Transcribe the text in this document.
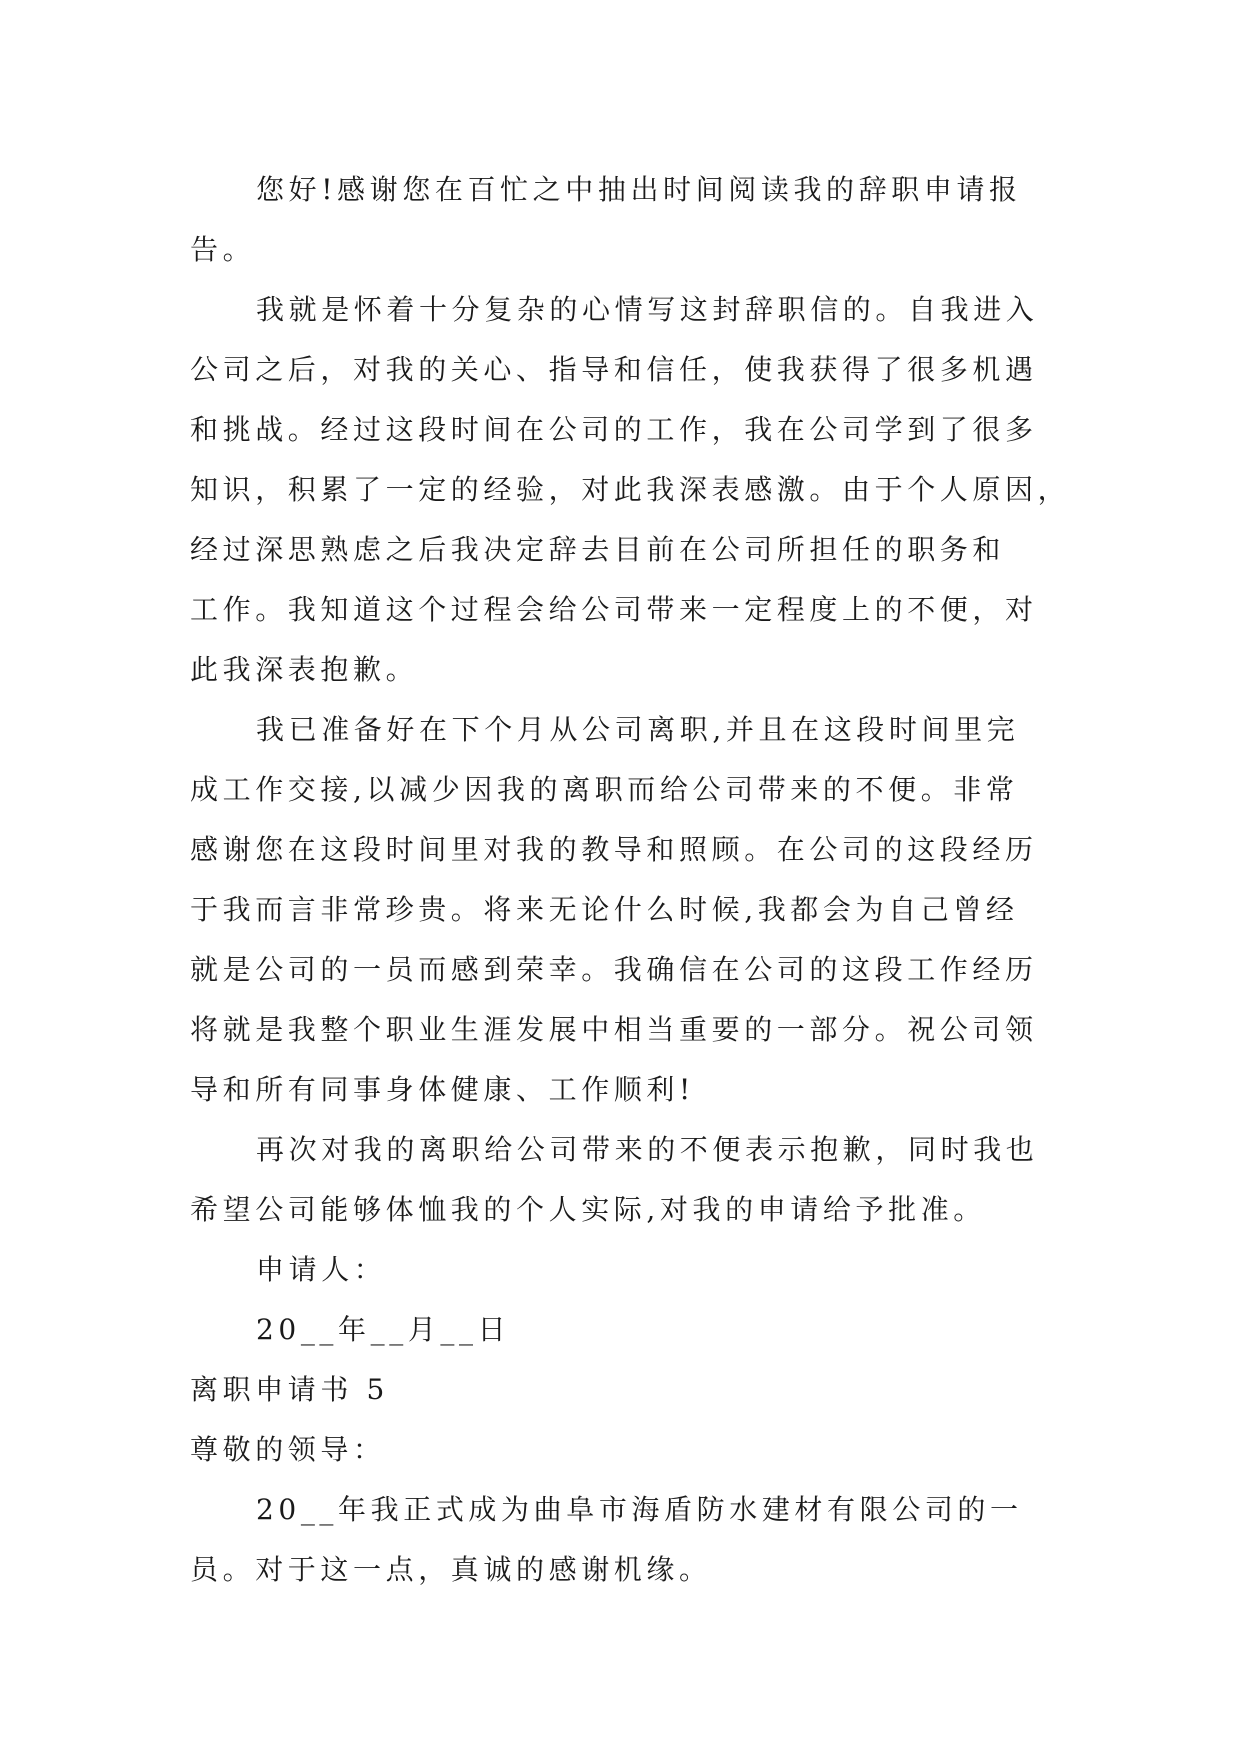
您好!感谢您在百忙之中抽出时间阅读我的辞职申请报

告。

我就是怀着十分复杂的心情写这封辞职信的。自我进入

公司之后，对我的关心、指导和信任，使我获得了很多机遇

和挑战。经过这段时间在公司的工作，我在公司学到了很多

知识，积累了一定的经验，对此我深表感激。由于个人原因，

经过深思熟虑之后我决定辞去目前在公司所担任的职务和

工作。我知道这个过程会给公司带来一定程度上的不便，对

此我深表抱歉。

我已准备好在下个月从公司离职,并且在这段时间里完

成工作交接,以减少因我的离职而给公司带来的不便。非常

感谢您在这段时间里对我的教导和照顾。在公司的这段经历

于我而言非常珍贵。将来无论什么时候,我都会为自己曾经

就是公司的一员而感到荣幸。我确信在公司的这段工作经历

将就是我整个职业生涯发展中相当重要的一部分。祝公司领

导和所有同事身体健康、工作顺利!

再次对我的离职给公司带来的不便表示抱歉，同时我也

希望公司能够体恤我的个人实际,对我的申请给予批准。

申请人：

20__年__月__日

离职申请书 5

尊敬的领导：

20__年我正式成为曲阜市海盾防水建材有限公司的一

员。对于这一点，真诚的感谢机缘。
